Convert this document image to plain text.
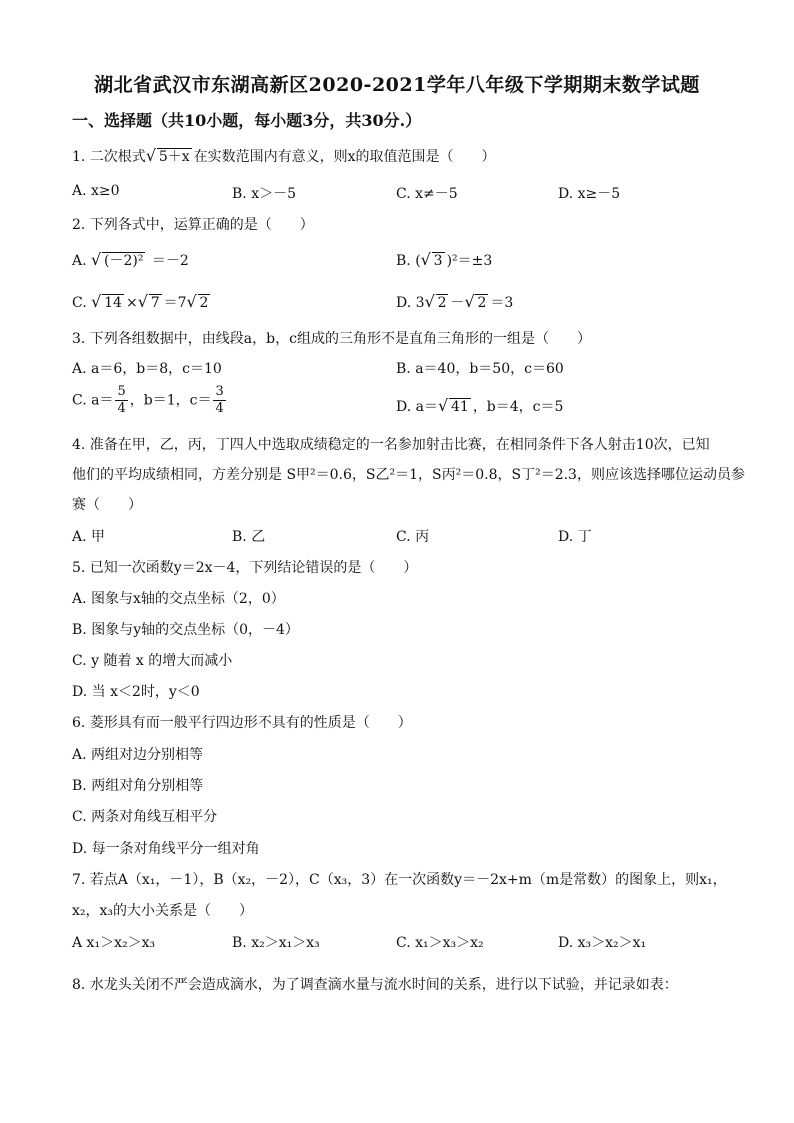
湖北省武汉市东湖高新区2020-2021学年八年级下学期期末数学试题
一、选择题（共10小题，每小题3分，共30分.）
1. 二次根式 √ 5＋x 在实数范围内有意义，则x的取值范围是（　　）
A. x≥0	B. x＞－5	C. x≠－5	D. x≥－5
2. 下列各式中，运算正确的是（　　）
A. √ (－2)² ＝－2	B. ( √ 3 )²＝±3
C. √ 14 × √ 7 ＝7 √ 2	D. 3 √ 2 － √ 2 ＝3
3. 下列各组数据中，由线段a，b，c组成的三角形不是直角三角形的一组是（　　）
A. a＝6，b＝8，c＝10	B. a＝40，b＝50，c＝60
C. $a= \frac{5}{4}$ ，b＝1，$c= \frac{3}{4}$	D. a＝ √ 41 ，b＝4，c＝5
4. 准备在甲，乙，丙，丁四人中选取成绩稳定的一名参加射击比赛，在相同条件下各人射击10次，已知
他们的平均成绩相同，方差分别是 S甲²＝0.6，S乙²＝1，S丙²＝0.8，S丁²＝2.3，则应该选择哪位运动员参
赛（　　）
A. 甲	B. 乙	C. 丙	D. 丁
5. 已知一次函数y＝2x－4，下列结论错误的是（　　）
A. 图象与x轴的交点坐标（2，0）
B. 图象与y轴的交点坐标（0，－4）
C. y 随着 x 的增大而减小
D. 当 x＜2时，y＜0
6. 菱形具有而一般平行四边形不具有的性质是（　　）
A. 两组对边分别相等
B. 两组对角分别相等
C. 两条对角线互相平分
D. 每一条对角线平分一组对角
7. 若点A（x₁，－1），B（x₂，－2），C（x₃，3）在一次函数y＝－2x+m（m是常数）的图象上，则x₁，
x₂，x₃的大小关系是（　　）
A x₁＞x₂＞x₃	B. x₂＞x₁＞x₃	C. x₁＞x₃＞x₂	D. x₃＞x₂＞x₁
8. 水龙头关闭不严会造成滴水，为了调查滴水量与流水时间的关系，进行以下试验，并记录如表：
